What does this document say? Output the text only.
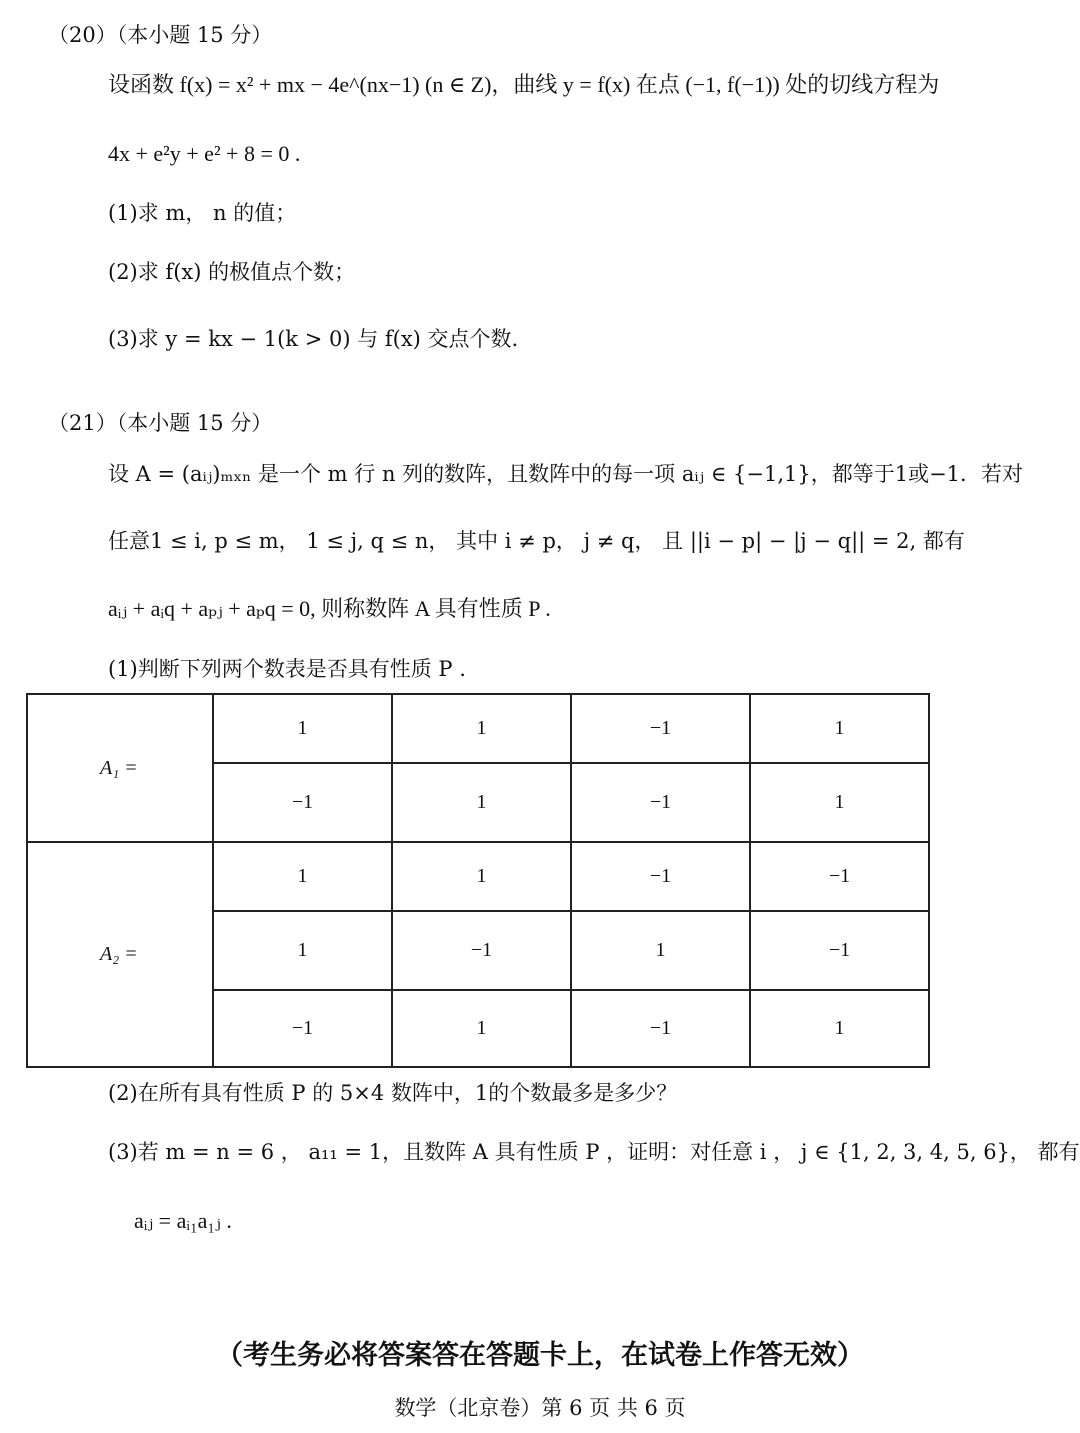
（20）（本小题 15 分）
设函数 f(x) = x² + mx − 4e^(nx−1) (n ∈ Z)，曲线 y = f(x) 在点 (−1, f(−1)) 处的切线方程为
4x + e²y + e² + 8 = 0 .
(1)求 m， n 的值；
(2)求 f(x) 的极值点个数；
(3)求 y = kx − 1(k > 0) 与 f(x) 交点个数.
（21）（本小题 15 分）
设 A = (aᵢⱼ)ₘₓₙ 是一个 m 行 n 列的数阵，且数阵中的每一项 aᵢⱼ ∈ {−1,1}，都等于1或−1．若对
任意1 ≤ i, p ≤ m， 1 ≤ j, q ≤ n， 其中 i ≠ p， j ≠ q， 且 ||i − p| − |j − q|| = 2, 都有
aᵢⱼ + aᵢq + aₚⱼ + aₚq = 0, 则称数阵 A 具有性质 P .
(1)判断下列两个数表是否具有性质 P .
A₁ =	1	1	−1	1
	−1	1	−1	1
A₂ =	1	1	−1	−1
	1	−1	1	−1
	−1	1	−1	1
(2)在所有具有性质 P 的 5×4 数阵中，1的个数最多是多少？
(3)若 m = n = 6 ， a₁₁ = 1，且数阵 A 具有性质 P ，证明：对任意 i ， j ∈ {1, 2, 3, 4, 5, 6}， 都有
aᵢⱼ = aᵢ₁a₁ⱼ .
（考生务必将答案答在答题卡上，在试卷上作答无效）
数学（北京卷）第 6 页 共 6 页
